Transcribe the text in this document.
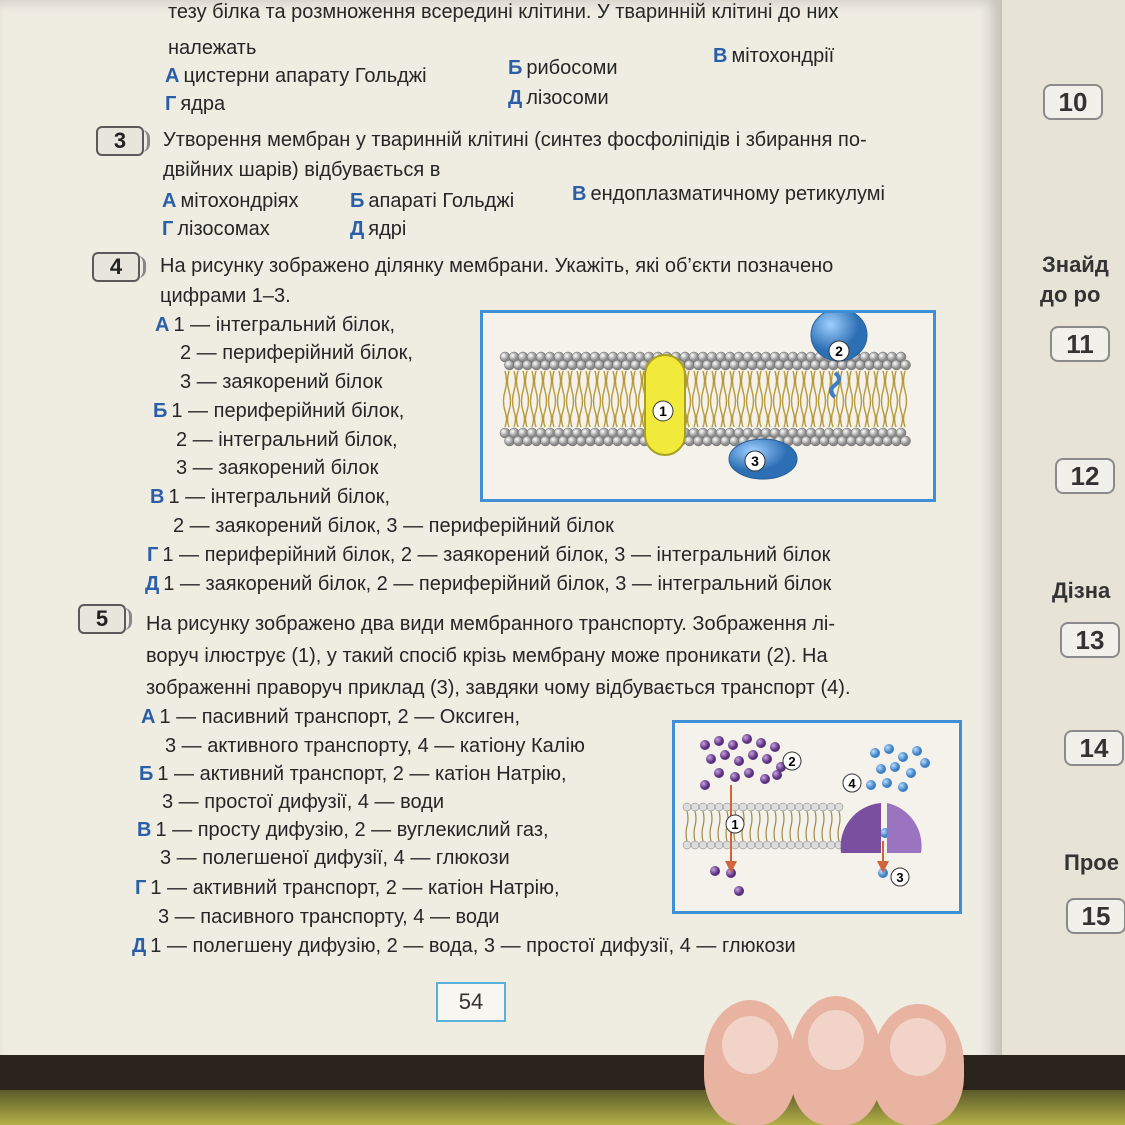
тезу білка та розмноження всередині клітини. У тваринній клітині до них
належать
А цистерни апарату Гольджі	Б рибосоми
В мітохондрії
Г ядра	Д лізосоми
3	Утворення мембран у тваринній клітині (синтез фосфоліпідів і збирання по-
двійних шарів) відбувається в
А мітохондріях	Б апараті Гольджі	В ендоплазматичному ретикулумі
Г лізосомах	Д ядрі
4	На рисунку зображено ділянку мембрани. Укажіть, які об’єкти позначено
цифрами 1–3.
А 1 — інтегральний білок,
2 — периферійний білок,
3 — заякорений білок
Б 1 — периферійний білок,
2 — інтегральний білок,
3 — заякорений білок
В 1 — інтегральний білок,
2 — заякорений білок, 3 — периферійний білок
Г 1 — периферійний білок, 2 — заякорений білок, 3 — інтегральний білок
Д 1 — заякорений білок, 2 — периферійний білок, 3 — інтегральний білок
1
2
3
5	На рисунку зображено два види мембранного транспорту. Зображення лі-
воруч ілюструє (1), у такий спосіб крізь мембрану може проникати (2). На
зображенні праворуч приклад (3), завдяки чому відбувається транспорт (4).
А 1 — пасивний транспорт, 2 — Оксиген,
3 — активного транспорту, 4 — катіону Калію
Б 1 — активний транспорт, 2 — катіон Натрію,
3 — простої дифузії, 4 — води
В 1 — просту дифузію, 2 — вуглекислий газ,
3 — полегшеної дифузії, 4 — глюкози
Г 1 — активний транспорт, 2 — катіон Натрію,
3 — пасивного транспорту, 4 — води
Д 1 — полегшену дифузію, 2 — вода, 3 — простої дифузії, 4 — глюкози
1
2
3
4
54
10
Знайд
до ро
11
12
Дізна
13
14
Прое
15
